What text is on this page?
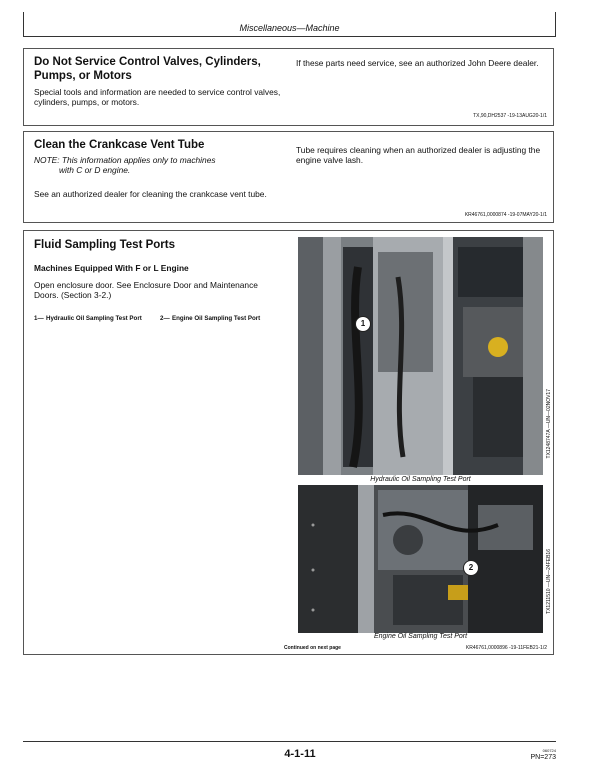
Miscellaneous—Machine
Do Not Service Control Valves, Cylinders, Pumps, or Motors
Special tools and information are needed to service control valves, cylinders, pumps, or motors.
If these parts need service, see an authorized John Deere dealer.
TX,90,DH2537 -19-13AUG20-1/1
Clean the Crankcase Vent Tube
NOTE: This information applies only to machines
with C or D engine.
See an authorized dealer for cleaning the crankcase vent tube.
Tube requires cleaning when an authorized dealer is adjusting the engine valve lash.
KR46761,0000874 -19-07MAY20-1/1
Fluid Sampling Test Ports
Machines Equipped With F or L Engine
Open enclosure door. See Enclosure Door and Maintenance Doors. (Section 3-2.)
1— Hydraulic Oil Sampling Test Port	2— Engine Oil Sampling Test Port
1
TX1248747A —UN—02NOV17
Hydraulic Oil Sampling Test Port
2	TX1211510 —UN—24FEB16
Engine Oil Sampling Test Port
Continued on next page	KR46761,0000896 -19-11FEB21-1/2
4-1-11	060724
PN=273
